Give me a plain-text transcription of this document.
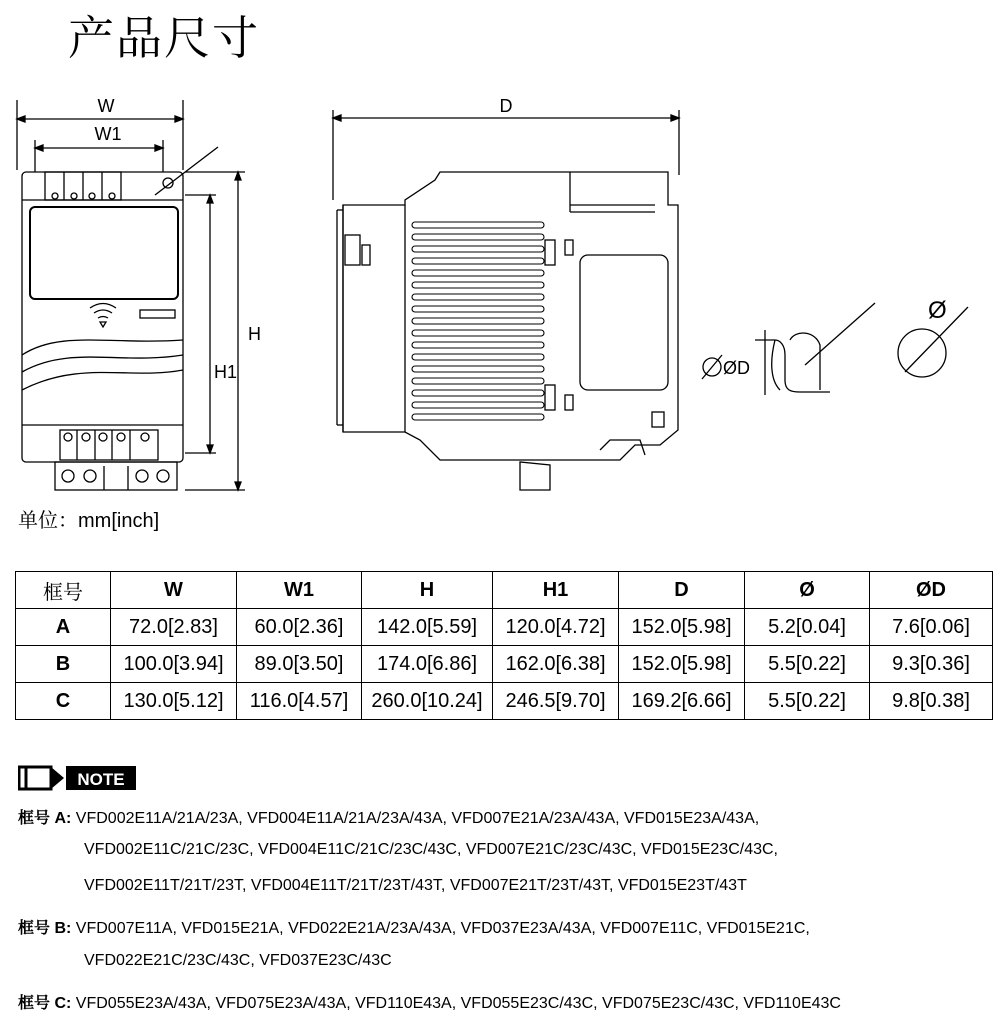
产品尺寸
W
W1
H
H1
D
ØD
Ø
单位：mm[inch]
框号	W	W1	H	H1	D	Ø	ØD
A	72.0[2.83]	60.0[2.36]	142.0[5.59]	120.0[4.72]	152.0[5.98]	5.2[0.04]	7.6[0.06]
B	100.0[3.94]	89.0[3.50]	174.0[6.86]	162.0[6.38]	152.0[5.98]	5.5[0.22]	9.3[0.36]
C	130.0[5.12]	116.0[4.57]	260.0[10.24]	246.5[9.70]	169.2[6.66]	5.5[0.22]	9.8[0.38]
NOTE
框号 A: VFD002E11A/21A/23A, VFD004E11A/21A/23A/43A, VFD007E21A/23A/43A, VFD015E23A/43A,
VFD002E11C/21C/23C, VFD004E11C/21C/23C/43C, VFD007E21C/23C/43C, VFD015E23C/43C,
VFD002E11T/21T/23T, VFD004E11T/21T/23T/43T, VFD007E21T/23T/43T, VFD015E23T/43T
框号 B: VFD007E11A, VFD015E21A, VFD022E21A/23A/43A, VFD037E23A/43A, VFD007E11C, VFD015E21C,
VFD022E21C/23C/43C, VFD037E23C/43C
框号 C: VFD055E23A/43A, VFD075E23A/43A, VFD110E43A, VFD055E23C/43C, VFD075E23C/43C, VFD110E43C
